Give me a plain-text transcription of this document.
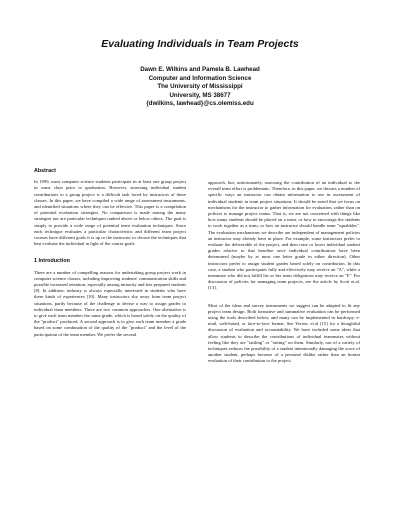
Evaluating Individuals in Team Projects
Dawn E. Wilkins and Pamela B. Lawhead
Computer and Information Science
The University of Mississippi
University, MS 38677
{dwilkins, lawhead}@cs.olemiss.edu
Abstract
In 1999, most computer science students participate in at least one group project in some class prior to graduation. However, assessing individual student contributions to a group project is a difficult task faced by instructors of these classes. In this paper, we have compiled a wide range of assessment instruments, and identified situations where they can be effective. This paper is a compilation of potential evaluation strategies. No comparison is made among the many strategies nor are particular techniques ranked above or below others. The goal is simply to provide a wide range of potential team evaluation techniques. Since each technique evaluates a particular characteristic and different team project courses have different goals it is up to the instructor to choose the techniques that best evaluate the individual in light of the course goals.
1 Introduction
There are a number of compelling reasons for undertaking group project work in computer science classes, including improving students' communication skills and possible increased retention, especially among minority and less prepared students [8]. In addition, industry is always especially interested in students who have these kinds of experiences [10]. Many instructors shy away from team project situations, partly because of the challenge to devise a way to assign grades to individual team members. There are two common approaches. One alternative is to give each team member the same grade, which is based solely on the quality of the "product" produced. A second approach is to give each team member a grade based on some combination of the quality of the "product" and the level of the participation of the team member. We prefer the second
approach, but, unfortunately, assessing the contribution of an individual to the overall team effort is problematic. Therefore, in this paper, we discuss a number of specific ways an instructor can obtain information to use in assessment of individual students in team project situations. It should be noted that we focus on mechanisms for the instructor to gather information for evaluation, rather than on policies to manage project teams. That is, we are not concerned with things like how many students should be placed on a team, or how to encourage the students to work together as a team, or how an instructor should handle team "squabbles". The evaluation mechanisms we describe are independent of management policies an instructor may already have in place. For example, some instructors prefer to evaluate the deliverable of the project, and then raise or lower individual student grades relative to that baseline once individual contributions have been determined (maybe by at most one letter grade in either direction). Other instructors prefer to assign student grades based solely on contribution. In this case, a student who participates fully and effectively may receive an "A", while a teammate who did not fulfill his or her team obligations may receive an "F." For discussion of policies for managing team projects, see the article by Scott et.al.[13].
Most of the ideas and survey instruments we suggest can be adapted to fit any project team design. Both formative and summative evaluation can be performed using the tools described below, and many can be implemented in hardcopy, e-mail, web-based, or face-to-face format. See Yerion, et.al [15] for a thoughtful discussion of evaluation and accountability. We have included some ideas that allow students to describe the contributions of individual teammates without feeling like they are "tattling" or "ratting" on them. Similarly, use of a variety of techniques reduces the possibility of a student intentionally damaging the score of another student, perhaps because of a personal dislike rather than an honest evaluation of their contribution to the project.
